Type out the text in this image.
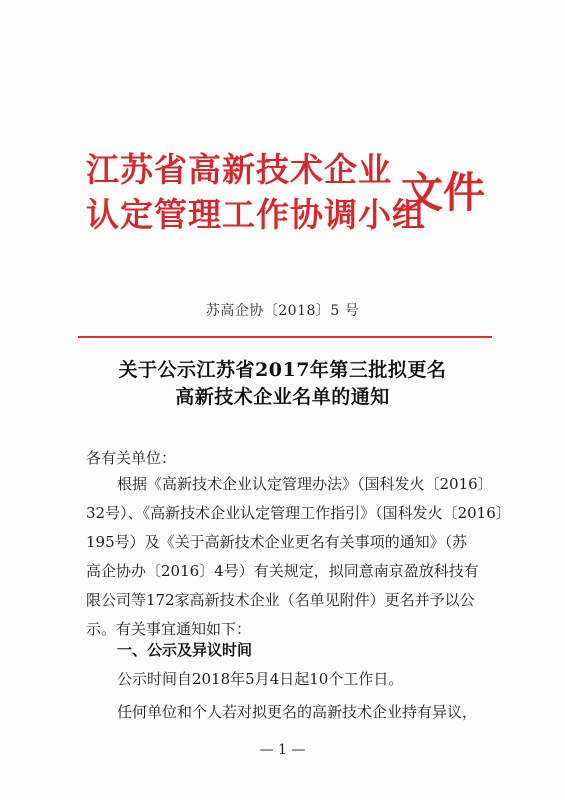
江苏省高新技术企业
认定管理工作协调小组
文件
苏高企协〔2018〕5 号
关于公示江苏省2017年第三批拟更名
高新技术企业名单的通知
各有关单位：
根据《高新技术企业认定管理办法》（国科发火〔2016〕
32号）、《高新技术企业认定管理工作指引》（国科发火〔2016〕
195号）及《关于高新技术企业更名有关事项的通知》（苏
高企协办〔2016〕4号）有关规定，拟同意南京盈放科技有
限公司等172家高新技术企业（名单见附件）更名并予以公
示。有关事宜通知如下：
一、公示及异议时间
公示时间自2018年5月4日起10个工作日。
任何单位和个人若对拟更名的高新技术企业持有异议，
— 1 —
